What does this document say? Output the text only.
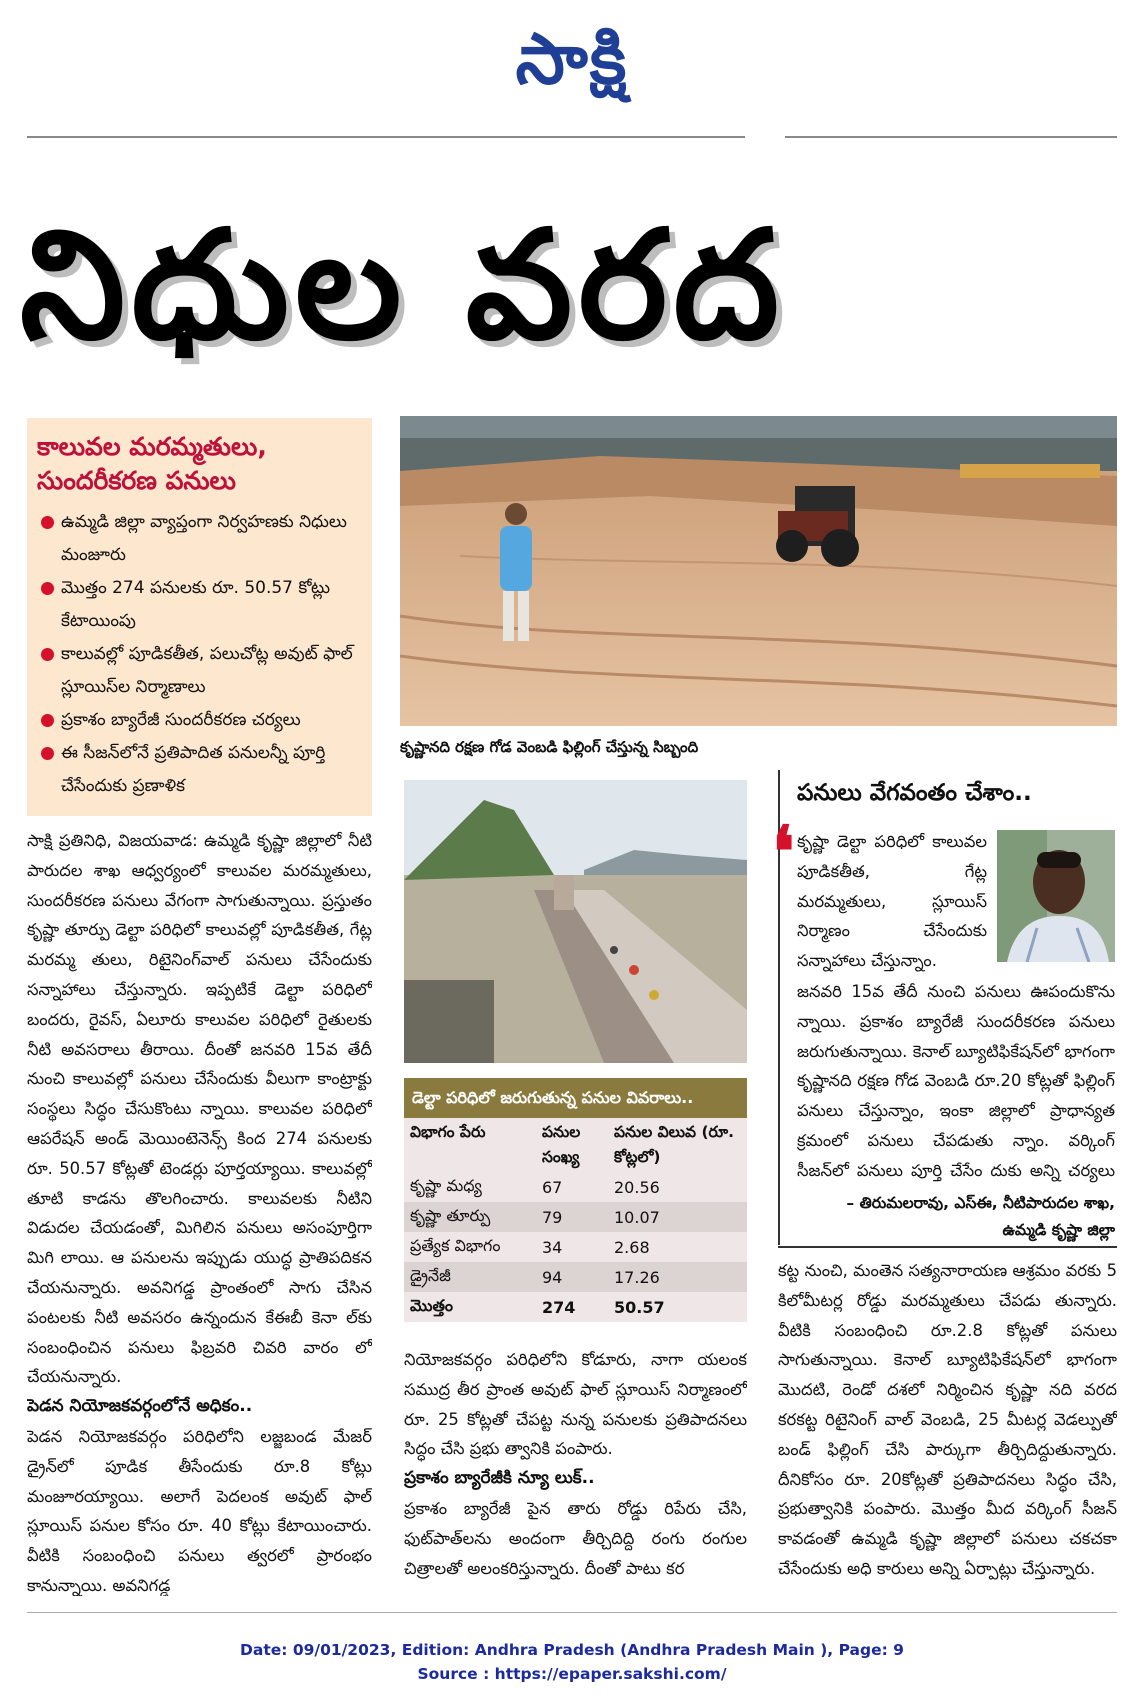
సాక్షి
నిధుల వరద
కాలువల మరమ్మతులు, సుందరీకరణ పనులు
ఉమ్మడి జిల్లా వ్యాప్తంగా నిర్వహణకు నిధులు మంజూరు
మొత్తం 274 పనులకు రూ. 50.57 కోట్లు కేటాయింపు
కాలువల్లో పూడికతీత, పలుచోట్ల అవుట్ ఫాల్ స్లూయిస్‌ల నిర్మాణాలు
ప్రకాశం బ్యారేజీ సుందరీకరణ చర్యలు
ఈ సీజన్‌లోనే ప్రతిపాదిత పనులన్నీ పూర్తి చేసేందుకు ప్రణాళిక
కృష్ణానది రక్షణ గోడ వెంబడి ఫిల్లింగ్ చేస్తున్న సిబ్బంది
డెల్టా పరిధిలో జరుగుతున్న పనుల వివరాలు..
విభాగం పేరు	పనుల సంఖ్య	పనుల విలువ (రూ. కోట్లలో)
కృష్ణా మధ్య	67	20.56
కృష్ణా తూర్పు	79	10.07
ప్రత్యేక విభాగం	34	2.68
డ్రైనేజీ	94	17.26
మొత్తం	274	50.57

సాక్షి ప్రతినిధి, విజయవాడ: ఉమ్మడి కృష్ణా జిల్లాలో నీటి పారుదల శాఖ ఆధ్వర్యంలో కాలువల మరమ్మతులు, సుందరీకరణ పనులు వేగంగా సాగుతున్నాయి. ప్రస్తుతం కృష్ణా తూర్పు డెల్టా పరిధిలో కాలువల్లో పూడికతీత, గేట్ల మరమ్మ తులు, రిటైనింగ్‌వాల్ పనులు చేసేందుకు సన్నాహాలు చేస్తున్నారు. ఇప్పటికే డెల్టా పరిధిలో బందరు, రైవస్, ఏలూరు కాలువల పరిధిలో రైతులకు నీటి అవసరాలు తీరాయి. దీంతో జనవరి 15వ తేదీ నుంచి కాలువల్లో పనులు చేసేందుకు వీలుగా కాంట్రాక్టు సంస్థలు సిద్ధం చేసుకొంటు న్నాయి. కాలువల పరిధిలో ఆపరేషన్ అండ్ మెయింటెనెన్స్ కింద 274 పనులకు రూ. 50.57 కోట్లతో టెండర్లు పూర్తయ్యాయి. కాలువల్లో తూటి కాడను తొలగించారు. కాలువలకు నీటిని విడుదల చేయడంతో, మిగిలిన పనులు అసంపూర్తిగా మిగి లాయి. ఆ పనులను ఇప్పుడు యుద్ధ ప్రాతిపదికన చేయనున్నారు. అవనిగడ్డ ప్రాంతంలో సాగు చేసిన పంటలకు నీటి అవసరం ఉన్నందున కేఈబీ కెనా ల్‌కు సంబంధించిన పనులు ఫిబ్రవరి చివరి వారం లో చేయనున్నారు.

పెడన నియోజకవర్గంలోనే అధికం..

పెడన నియోజకవర్గం పరిధిలోని లజ్జబండ మేజర్ డ్రైన్‌లో పూడిక తీసేందుకు రూ.8 కోట్లు మంజూరయ్యాయి. అలాగే పెదలంక అవుట్ ఫాల్ స్లూయిస్ పనుల కోసం రూ. 40 కోట్లు కేటాయించారు. వీటికి సంబంధించి పనులు త్వరలో ప్రారంభం కానున్నాయి. అవనిగడ్డ

నియోజకవర్గం పరిధిలోని కోడూరు, నాగా యలంక సముద్ర తీర ప్రాంత అవుట్ ఫాల్ స్లూయిస్ నిర్మాణంలో రూ. 25 కోట్లతో చేపట్ట నున్న పనులకు ప్రతిపాదనలు సిద్ధం చేసి ప్రభు త్వానికి పంపారు.

ప్రకాశం బ్యారేజీకి న్యూ లుక్..

ప్రకాశం బ్యారేజీ పైన తారు రోడ్డు రిపేరు చేసి, ఫుట్‌పాత్‌లను అందంగా తీర్చిదిద్ది రంగు రంగుల చిత్రాలతో అలంకరిస్తున్నారు. దీంతో పాటు కర

పనులు వేగవంతం చేశాం..
❛ కృష్ణా డెల్టా పరిధిలో కాలువల పూడికతీత, గేట్ల మరమ్మతులు, స్లూయిస్ నిర్మాణం చేసేందుకు సన్నాహాలు చేస్తున్నాం.
జనవరి 15వ తేదీ నుంచి పనులు ఊపందుకొను న్నాయి. ప్రకాశం బ్యారేజీ సుందరీకరణ పనులు జరుగుతున్నాయి. కెనాల్ బ్యూటిఫికేషన్‌లో భాగంగా కృష్ణానది రక్షణ గోడ వెంబడి రూ.20 కోట్లతో ఫిల్లింగ్ పనులు చేస్తున్నాం, ఇంకా జిల్లాలో ప్రాధాన్యత క్రమంలో పనులు చేపడుతు న్నాం. వర్కింగ్ సీజన్‌లో పనులు పూర్తి చేసేం దుకు అన్ని చర్యలు
– తిరుమలరావు, ఎస్ఈ, నీటిపారుదల శాఖ,
ఉమ్మడి కృష్ణా జిల్లా

కట్ట నుంచి, మంతెన సత్యనారాయణ ఆశ్రమం వరకు 5 కిలోమీటర్ల రోడ్డు మరమ్మతులు చేపడు తున్నారు. వీటికి సంబంధించి రూ.2.8 కోట్లతో పనులు సాగుతున్నాయి. కెనాల్ బ్యూటిఫికేషన్‌లో భాగంగా మొదటి, రెండో దశలో నిర్మించిన కృష్ణా నది వరద కరకట్ట రిటైనింగ్ వాల్ వెంబడి, 25 మీటర్ల వెడల్పుతో బండ్ ఫిల్లింగ్ చేసి పార్కుగా తీర్చిదిద్దుతున్నారు. దీనికోసం రూ. 20కోట్లతో ప్రతిపాదనలు సిద్ధం చేసి, ప్రభుత్వానికి పంపారు. మొత్తం మీద వర్కింగ్ సీజన్ కావడంతో ఉమ్మడి కృష్ణా జిల్లాలో పనులు చకచకా చేసేందుకు అధి కారులు అన్ని ఏర్పాట్లు చేస్తున్నారు.

Date: 09/01/2023, Edition: Andhra Pradesh (Andhra Pradesh Main ), Page: 9
Source : https://epaper.sakshi.com/
